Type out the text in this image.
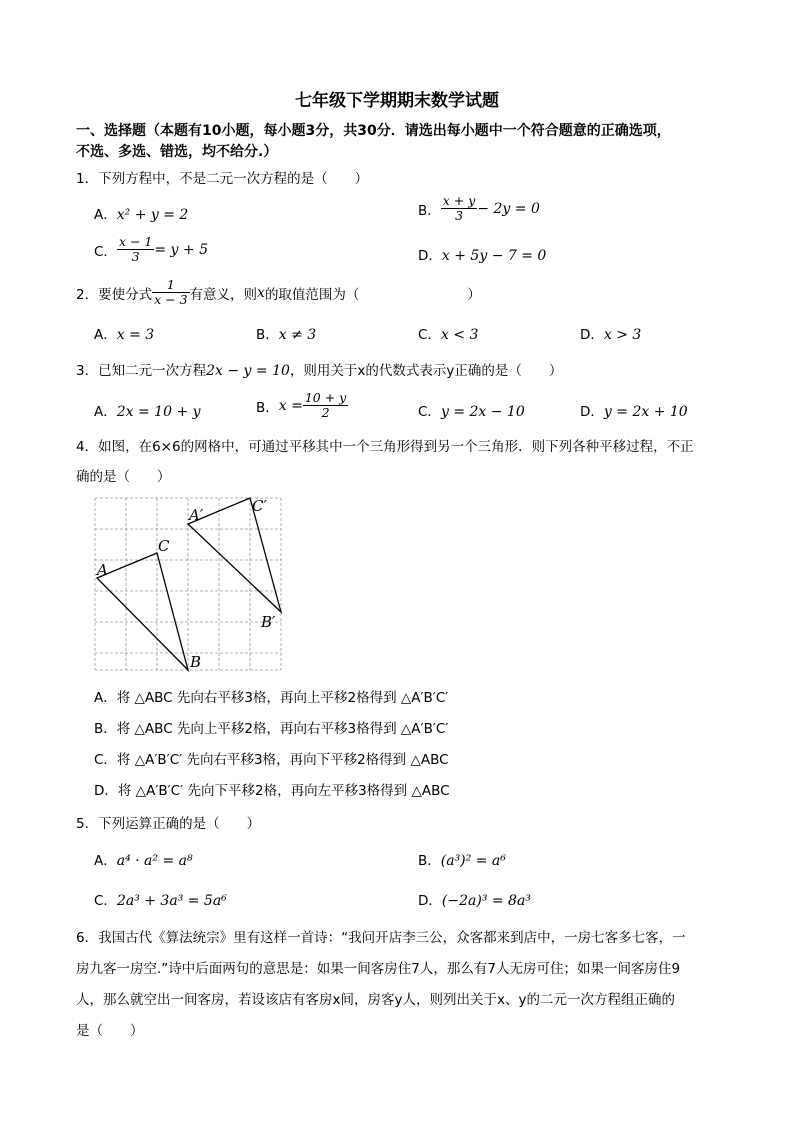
七年级下学期期末数学试题
一、选择题（本题有10小题，每小题3分，共30分．请选出每小题中一个符合题意的正确选项，
不选、多选、错选，均不给分.）
1．下列方程中，不是二元一次方程的是（　　）
A．x² + y = 2	B． $\frac{x + y}{3} - 2y = 0$
C． $\frac{x - 1}{3} = y + 5$	D．x + 5y − 7 = 0
2．要使分式 $\frac{1}{x - 3}$ 有意义，则x的取值范围为（　　　　　　　　）
A．x = 3	B．x ≠ 3	C．x < 3	D．x > 3
3．已知二元一次方程2x − y = 10，则用关于x的代数式表示y正确的是（　　）
A．2x = 10 + y	B．$x = \frac{10 + y}{2}$	C．y = 2x − 10	D．y = 2x + 10
4．如图，在6×6的网格中，可通过平移其中一个三角形得到另一个三角形．则下列各种平移过程，不正
确的是（　　）
A
C
B
A′	C′
B′
A．将 △ABC 先向右平移3格，再向上平移2格得到 △A′B′C′
B．将 △ABC 先向上平移2格，再向右平移3格得到 △A′B′C′
C．将 △A′B′C′ 先向右平移3格，再向下平移2格得到 △ABC
D．将 △A′B′C′ 先向下平移2格，再向左平移3格得到 △ABC
5．下列运算正确的是（　　）
A．a⁴ · a² = a⁸	B．(a³)² = a⁶
C．2a³ + 3a³ = 5a⁶	D．(−2a)³ = 8a³
6．我国古代《算法统宗》里有这样一首诗：“我问开店李三公，众客都来到店中，一房七客多七客，一
房九客一房空.”诗中后面两句的意思是：如果一间客房住7人，那么有7人无房可住；如果一间客房住9
人，那么就空出一间客房，若设该店有客房x间，房客y人，则列出关于x、y的二元一次方程组正确的
是（　　）
